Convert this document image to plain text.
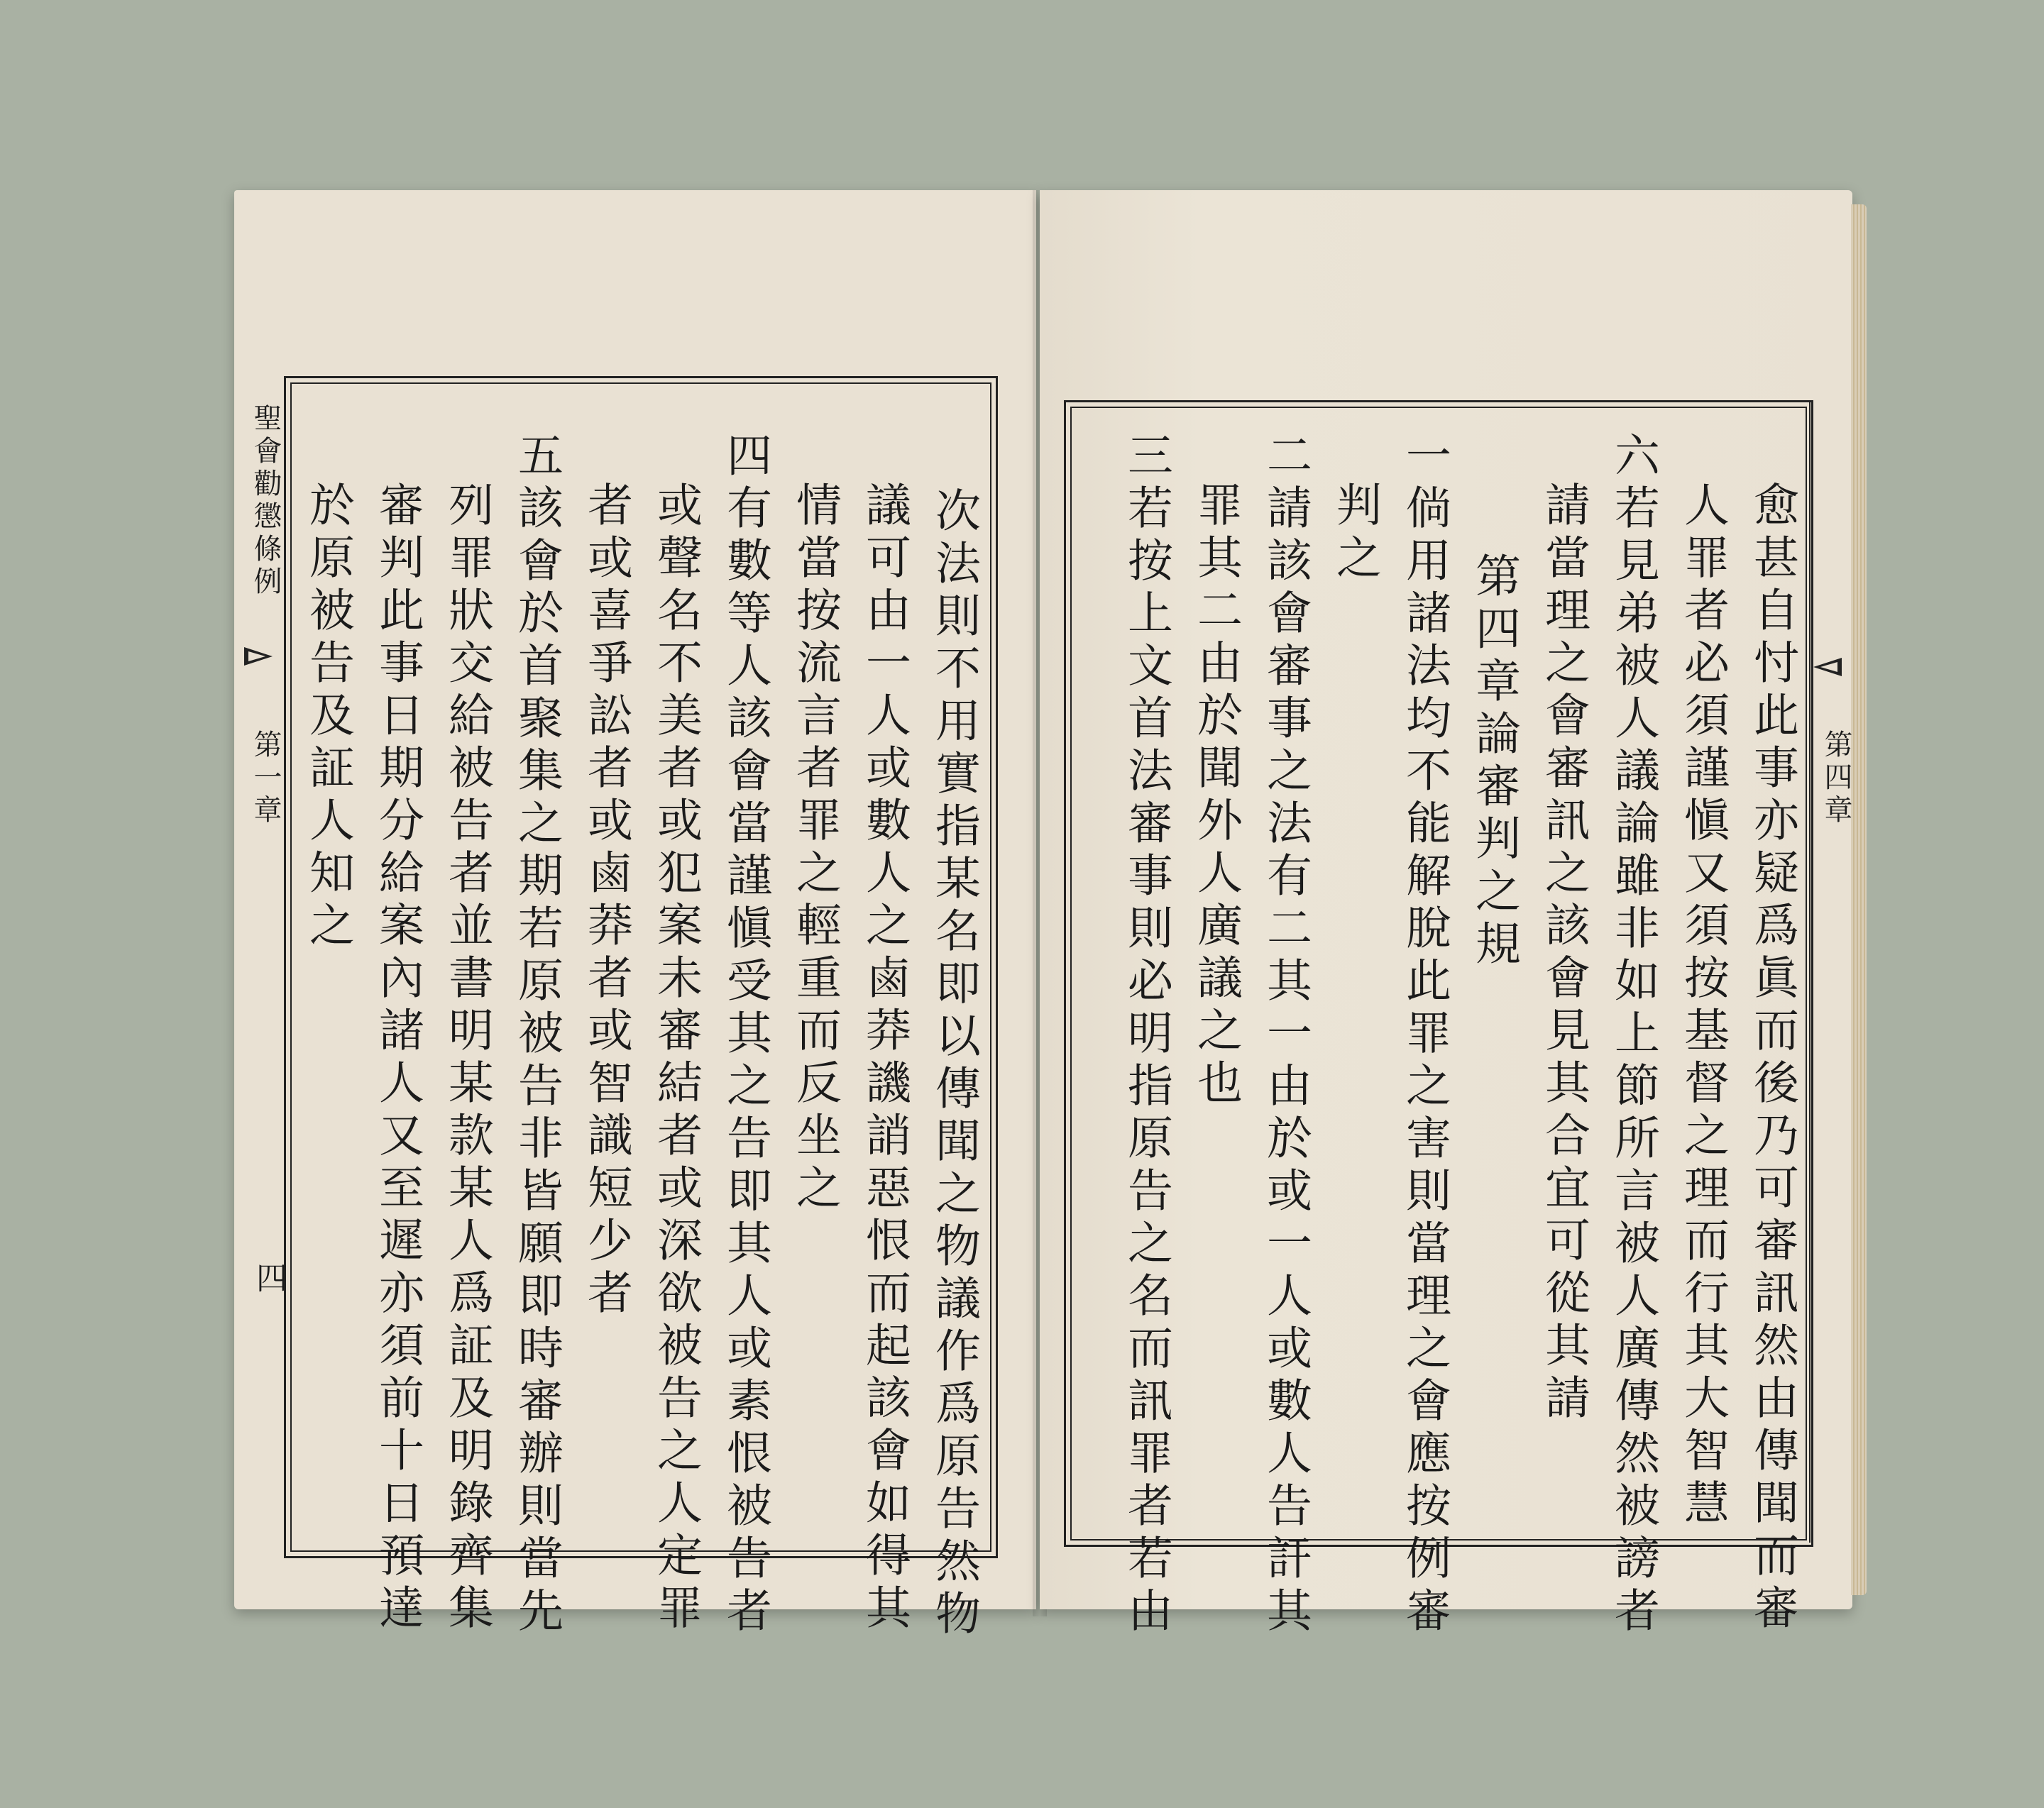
聖會勸懲條例
第一章
四	次法則不用實指某名即以傳聞之物議作爲原告然物
議可由一人或數人之鹵莽譏誚惡恨而起該會如得其
情當按流言者罪之輕重而反坐之
四有數等人該會當謹愼受其之告即其人或素恨被告者
或聲名不美者或犯案未審結者或深欲被告之人定罪
者或喜爭訟者或鹵莽者或智識短少者
五該會於首聚集之期若原被告非皆願即時審辦則當先
列罪狀交給被告者並書明某款某人爲証及明錄齊集
審判此事日期分給案內諸人又至遲亦須前十日預達
於原被告及証人知之	第四章
愈甚自忖此事亦疑爲眞而後乃可審訊然由傳聞而審
人罪者必須謹愼又須按基督之理而行其大智慧
六若見弟被人議論雖非如上節所言被人廣傳然被謗者
請當理之會審訊之該會見其合宜可從其請
第四章論審判之規
一倘用諸法均不能解脫此罪之害則當理之會應按例審
判之
二請該會審事之法有二其一由於或一人或數人告訐其
罪其二由於聞外人廣議之也
三若按上文首法審事則必明指原告之名而訊罪者若由
